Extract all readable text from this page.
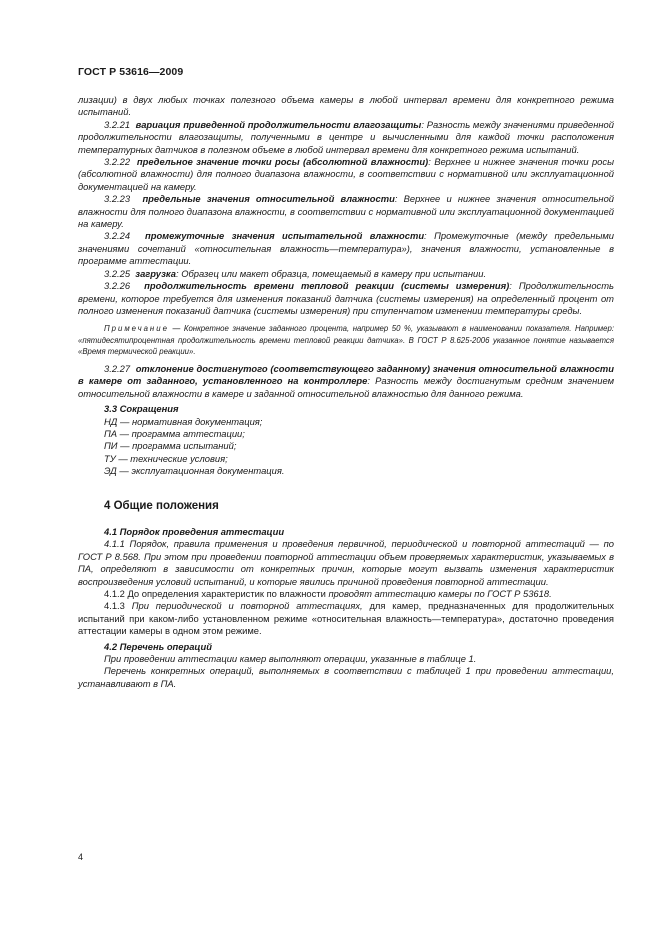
ГОСТ Р 53616—2009

лизации) в двух любых точках полезного объема камеры в любой интервал времени для конкретного режима испытаний.

3.2.21 вариация приведенной продолжительности влагозащиты: Разность между значениями приведенной продолжительности влагозащиты, полученными в центре и вычисленными для каждой точки расположения температурных датчиков в полезном объеме в любой интервал времени для конкретного режима испытаний.

3.2.22 предельное значение точки росы (абсолютной влажности): Верхнее и нижнее значения точки росы (абсолютной влажности) для полного диапазона влажности, в соответствии с нормативной или эксплуатационной документацией на камеру.

3.2.23 предельные значения относительной влажности: Верхнее и нижнее значения относительной влажности для полного диапазона влажности, в соответствии с нормативной или эксплуатационной документацией на камеру.

3.2.24 промежуточные значения испытательной влажности: Промежуточные (между предельными значениями сочетаний «относительная влажность—температура»), значения влажности, установленные в программе аттестации.

3.2.25 загрузка: Образец или макет образца, помещаемый в камеру при испытании.

3.2.26 продолжительность времени тепловой реакции (системы измерения): Продолжительность времени, которое требуется для изменения показаний датчика (системы измерения) на определенный процент от полного изменения показаний датчика (системы измерения) при ступенчатом изменении температуры среды.

Примечание — Конкретное значение заданного процента, например 50 %, указывают в наименовании показателя. Например: «пятидесятипроцентная продолжительность времени тепловой реакции датчика». В ГОСТ Р 8.625-2006 указанное понятие называется «Время термической реакции».

3.2.27 отклонение достигнутого (соответствующего заданному) значения относительной влажности в камере от заданного, установленного на контроллере: Разность между достигнутым средним значением относительной влажности в камере и заданной относительной влажностью для данного режима.

3.3 Сокращения

НД — нормативная документация;

ПА — программа аттестации;

ПИ — программа испытаний;

ТУ — технические условия;

ЭД — эксплуатационная документация.

4 Общие положения

4.1 Порядок проведения аттестации

4.1.1 Порядок, правила применения и проведения первичной, периодической и повторной аттестаций — по ГОСТ Р 8.568. При этом при проведении повторной аттестации объем проверяемых характеристик, указываемых в ПА, определяют в зависимости от конкретных причин, которые могут вызвать изменения характеристик воспроизведения условий испытаний, и которые явились причиной проведения повторной аттестации.

4.1.2 До определения характеристик по влажности проводят аттестацию камеры по ГОСТ Р 53618.

4.1.3 При периодической и повторной аттестациях, для камер, предназначенных для продолжительных испытаний при каком-либо установленном режиме «относительная влажность—температура», достаточно проведения аттестации камеры в одном этом режиме.

4.2 Перечень операций

При проведении аттестации камер выполняют операции, указанные в таблице 1.

Перечень конкретных операций, выполняемых в соответствии с таблицей 1 при проведении аттестации, устанавливают в ПА.

4
